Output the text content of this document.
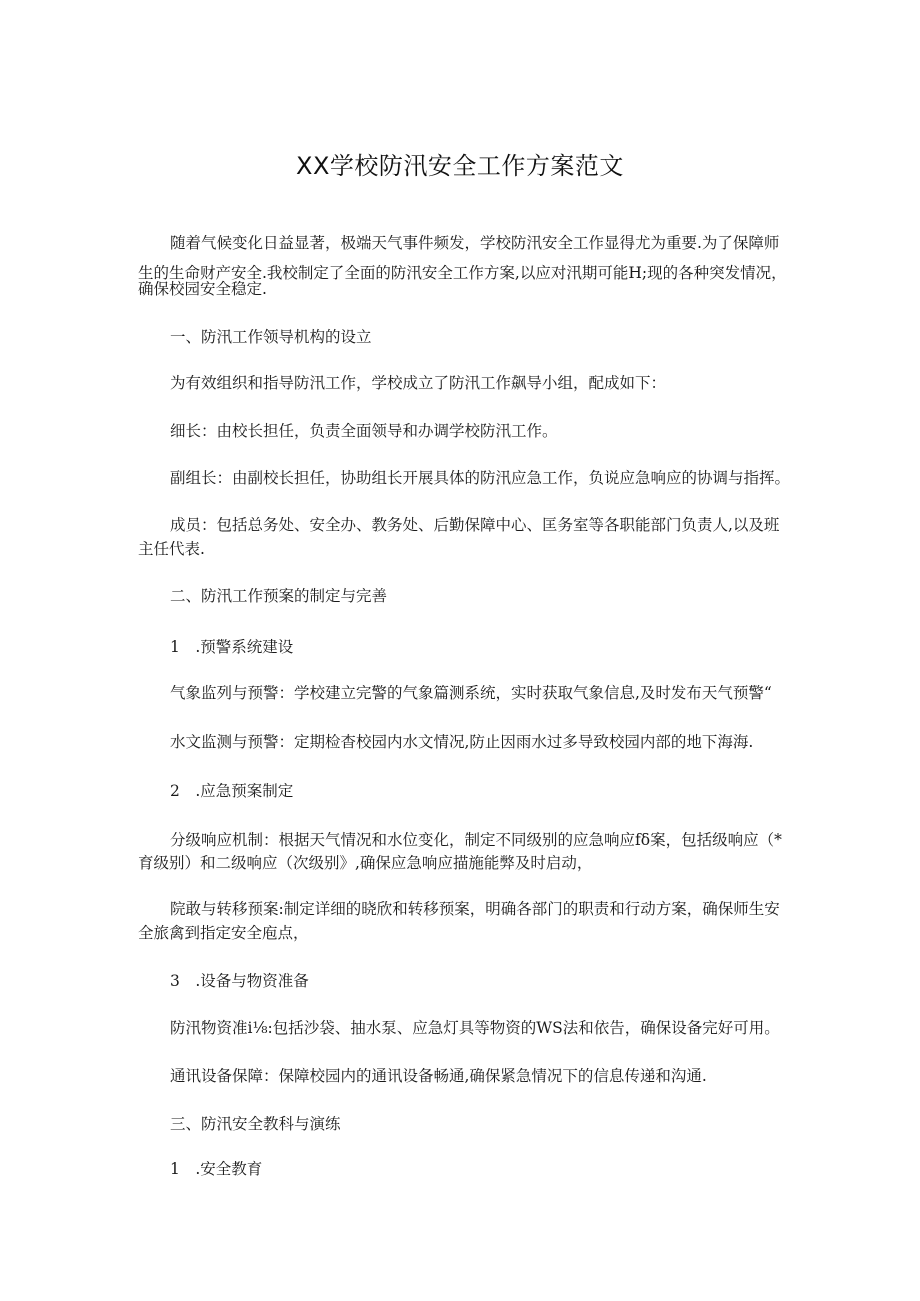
XX学校防汛安全工作方案范文

随着气候变化日益显著，极端天气事件频发，学校防汛安全工作显得尤为重要.为了保障师

生的生命财产安全.我校制定了全面的防汛安全工作方案,以应对汛期可能H;现的各种突发情况，

确保校园安全稳定.

一、防汛工作领导机构的设立

为有效组织和指导防汛工作，学校成立了防汛工作飙导小组，配成如下：

细长：由校长担任，负责全面领导和办调学校防汛工作。

副组长：由副校长担任，协助组长开展具体的防汛应急工作，负说应急响应的协调与指挥。

成员：包括总务处、安全办、教务处、后勤保障中心、匡务室等各职能部门负责人,以及班

主任代表.

二、防汛工作预案的制定与完善

1　.预警系统建设

气象监列与预警：学校建立完警的气象篇测系统，实时获取气象信息,及时发布天气预警“

水文监测与预警：定期检杳校园内水文情况,防止因雨水过多导致校园内部的地下海海.

2　.应急预案制定

分级响应机制：根据天气情况和水位变化，制定不同级别的应急响应fδ案，包括级响应（*

育级别）和二级响应（次级别》,确保应急响应描施能弊及时启动，

院敢与转移预案:制定详细的晓欣和转移预案，明确各部门的职责和行动方案，确保师生安

全旅禽到指定安全庖点，

3　.设备与物资准备

防汛物资准i⅛:包括沙袋、抽水泵、应急灯具等物资的WS法和依告，确保设备完好可用。

通讯设备保障：保障校园内的通讯设备畅通,确保紧急情况下的信息传递和沟通.

三、防汛安全教科与演练

1　.安全教育
